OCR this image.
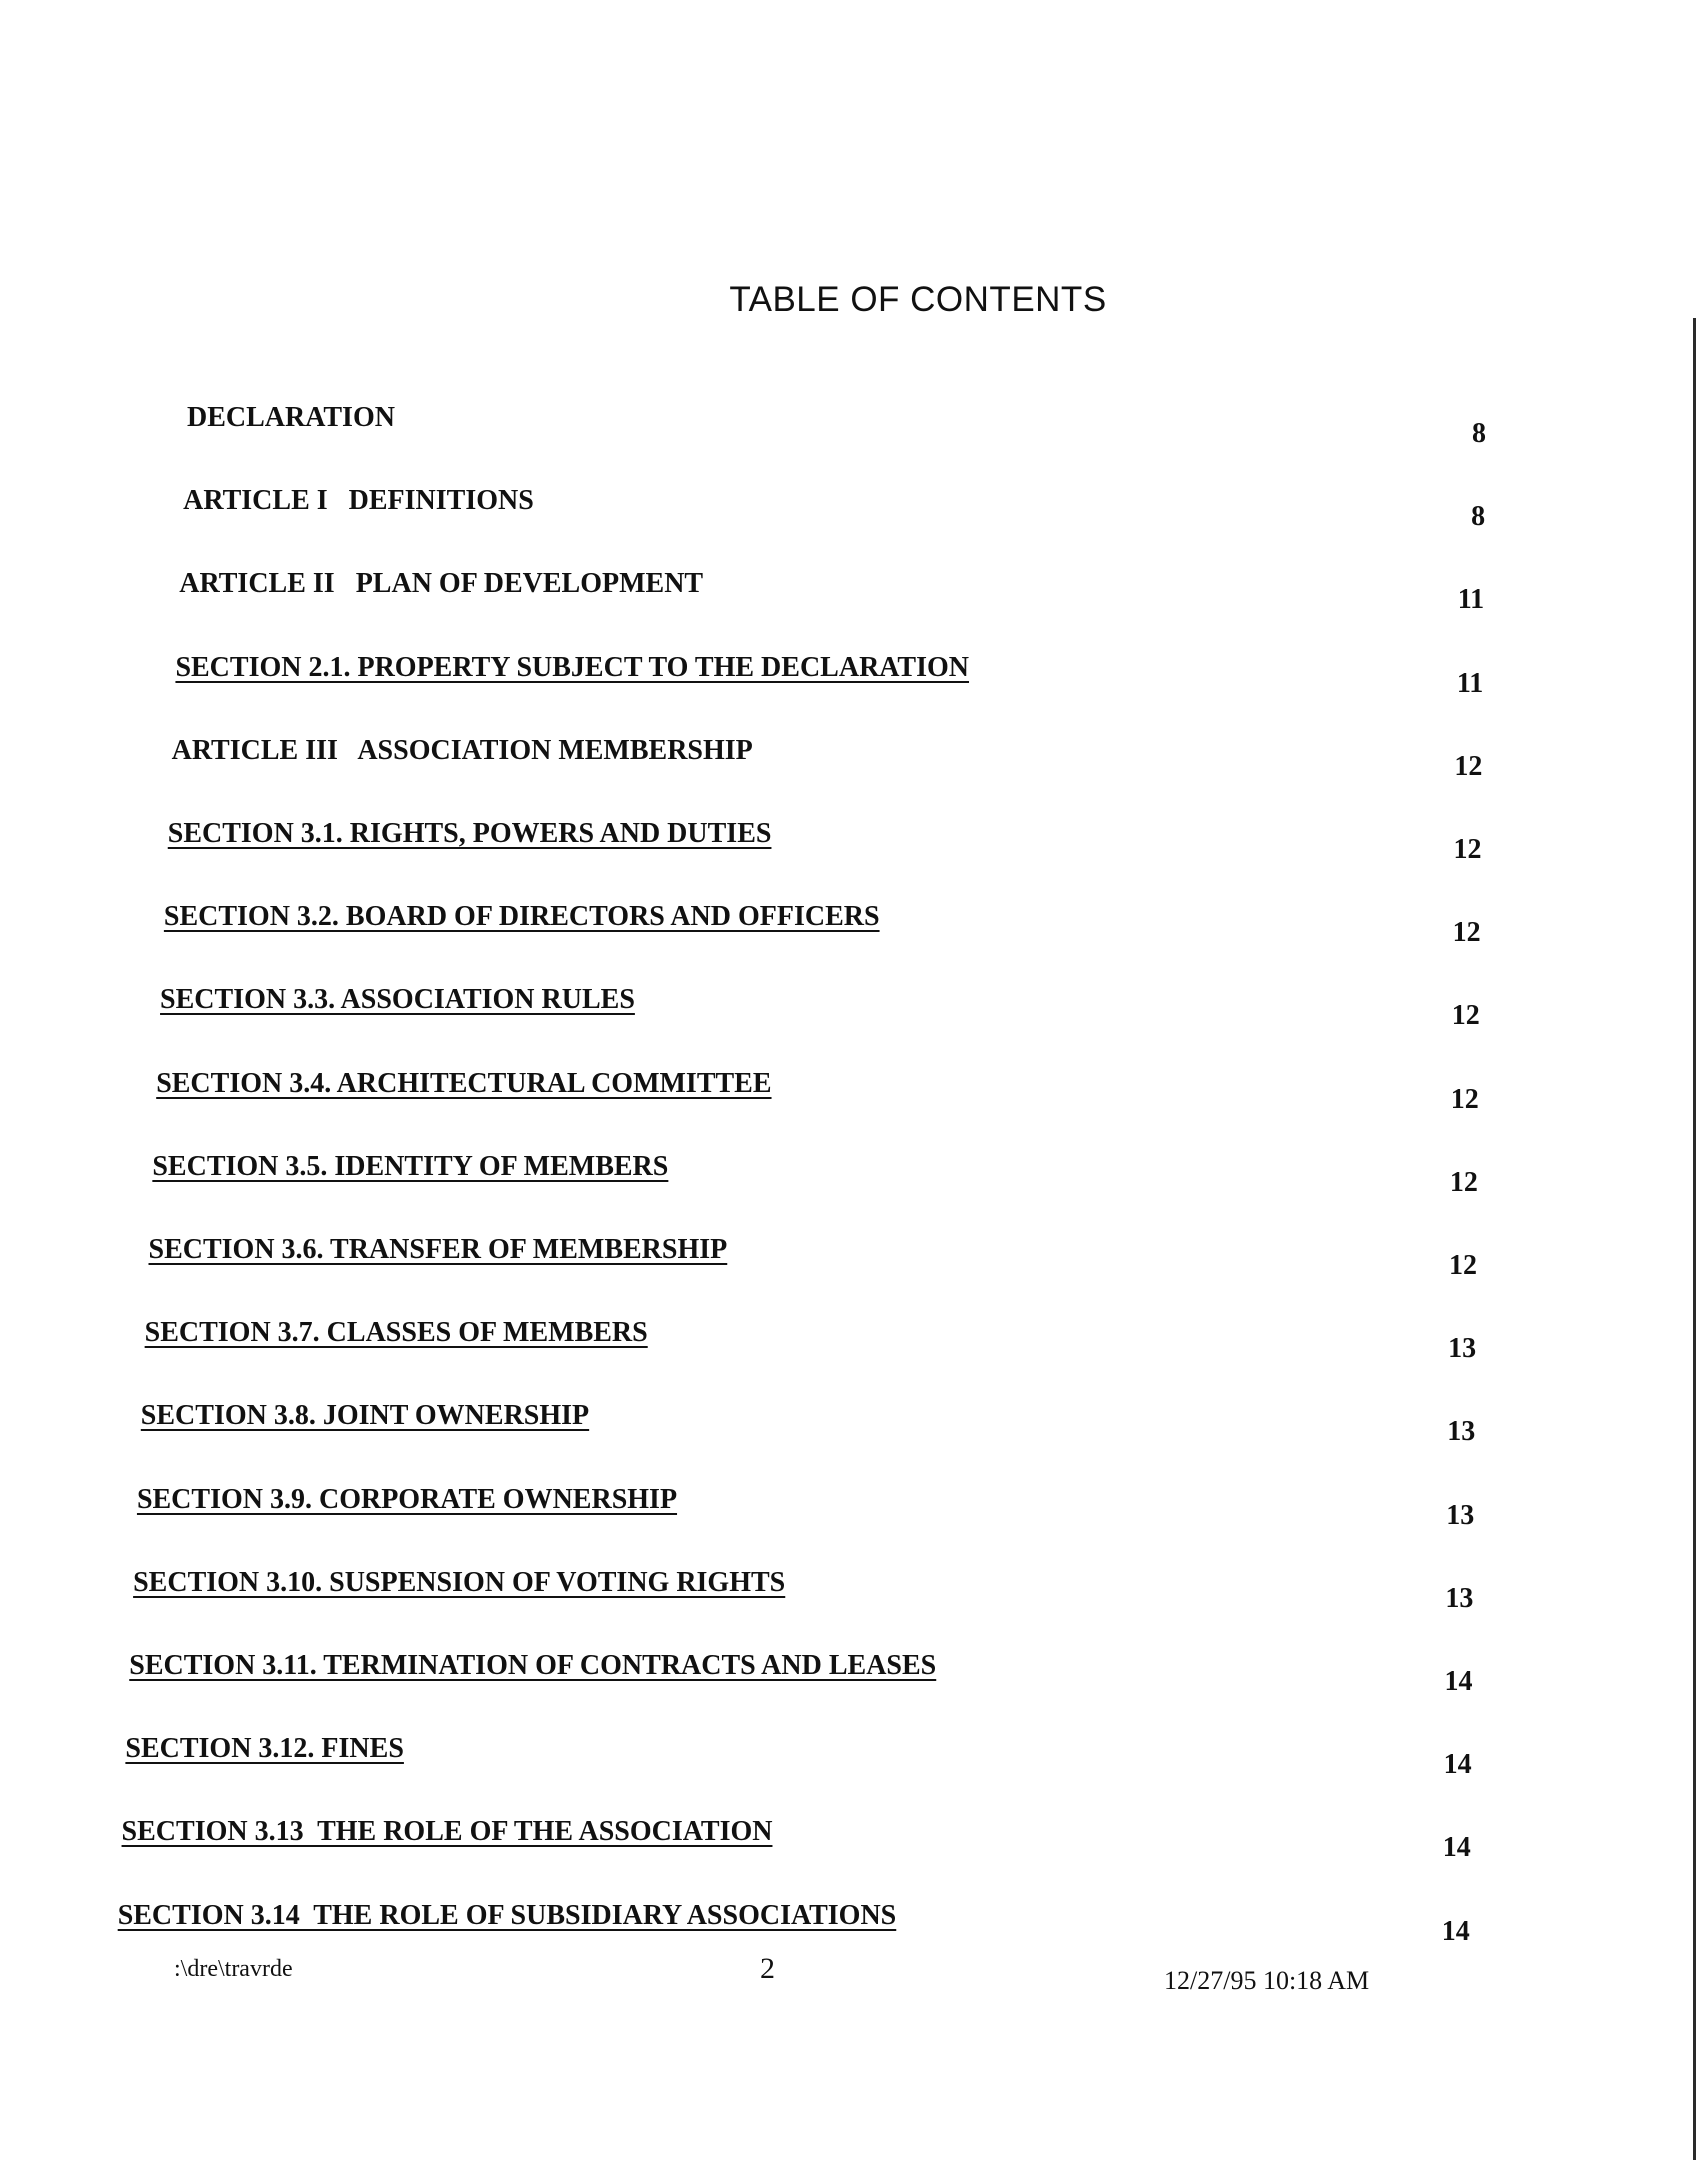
TABLE OF CONTENTS
DECLARATION
8
ARTICLE I   DEFINITIONS
8
ARTICLE II   PLAN OF DEVELOPMENT
11
SECTION 2.1. PROPERTY SUBJECT TO THE DECLARATION
11
ARTICLE III   ASSOCIATION MEMBERSHIP
12
SECTION 3.1. RIGHTS, POWERS AND DUTIES
12
SECTION 3.2. BOARD OF DIRECTORS AND OFFICERS
12
SECTION 3.3. ASSOCIATION RULES
12
SECTION 3.4. ARCHITECTURAL COMMITTEE
12
SECTION 3.5. IDENTITY OF MEMBERS
12
SECTION 3.6. TRANSFER OF MEMBERSHIP
12
SECTION 3.7. CLASSES OF MEMBERS
13
SECTION 3.8. JOINT OWNERSHIP
13
SECTION 3.9. CORPORATE OWNERSHIP
13
SECTION 3.10. SUSPENSION OF VOTING RIGHTS
13
SECTION 3.11. TERMINATION OF CONTRACTS AND LEASES
14
SECTION 3.12. FINES
14
SECTION 3.13  THE ROLE OF THE ASSOCIATION
14
SECTION 3.14  THE ROLE OF SUBSIDIARY ASSOCIATIONS
14
:\dre\travrde	2	12/27/95 10:18 AM
